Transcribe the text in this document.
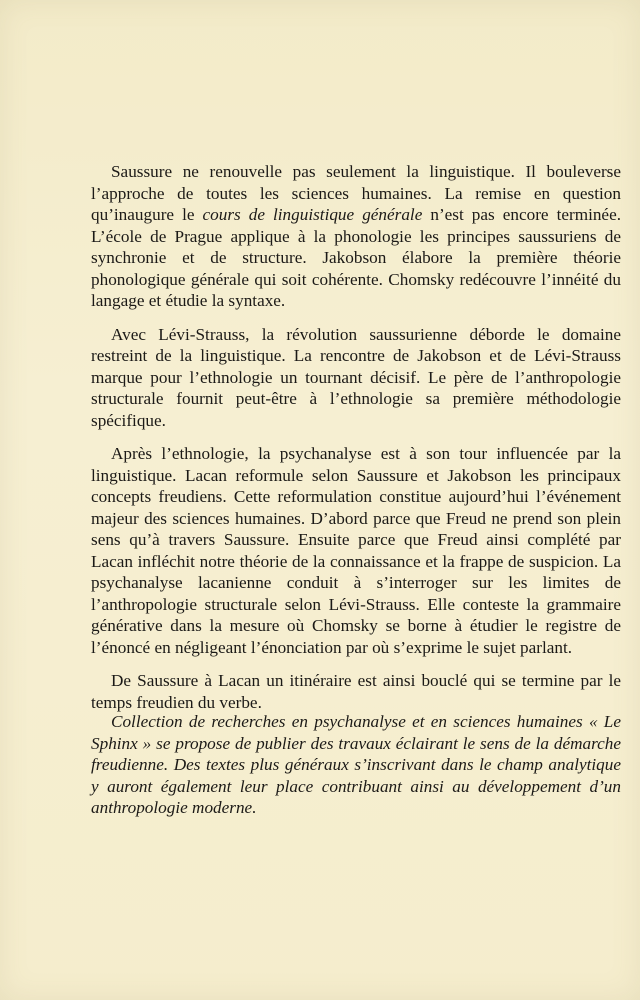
Saussure ne renouvelle pas seulement la linguistique. Il bouleverse l’approche de toutes les sciences humaines. La remise en question qu’inaugure le cours de linguistique générale n’est pas encore terminée. L’école de Prague applique à la phonologie les principes saussuriens de synchronie et de structure. Jakobson élabore la première théorie phonologique générale qui soit cohérente. Chomsky redécouvre l’innéité du langage et étudie la syntaxe.

Avec Lévi-Strauss, la révolution saussurienne déborde le domaine restreint de la linguistique. La rencontre de Jakobson et de Lévi-Strauss marque pour l’ethnologie un tournant décisif. Le père de l’anthropologie structurale fournit peut-être à l’ethnologie sa première méthodologie spécifique.

Après l’ethnologie, la psychanalyse est à son tour influencée par la linguistique. Lacan reformule selon Saussure et Jakobson les principaux concepts freudiens. Cette reformulation constitue aujourd’hui l’événement majeur des sciences humaines. D’abord parce que Freud ne prend son plein sens qu’à travers Saussure. Ensuite parce que Freud ainsi complété par Lacan infléchit notre théorie de la connaissance et la frappe de suspicion. La psychanalyse lacanienne conduit à s’interroger sur les limites de l’anthropologie structurale selon Lévi-Strauss. Elle conteste la grammaire générative dans la mesure où Chomsky se borne à étudier le registre de l’énoncé en négligeant l’énonciation par où s’exprime le sujet parlant.

De Saussure à Lacan un itinéraire est ainsi bouclé qui se termine par le temps freudien du verbe.

Collection de recherches en psychanalyse et en sciences humaines « Le Sphinx » se propose de publier des travaux éclairant le sens de la démarche freudienne. Des textes plus généraux s’inscrivant dans le champ analytique y auront également leur place contribuant ainsi au développement d’un anthropologie moderne.
